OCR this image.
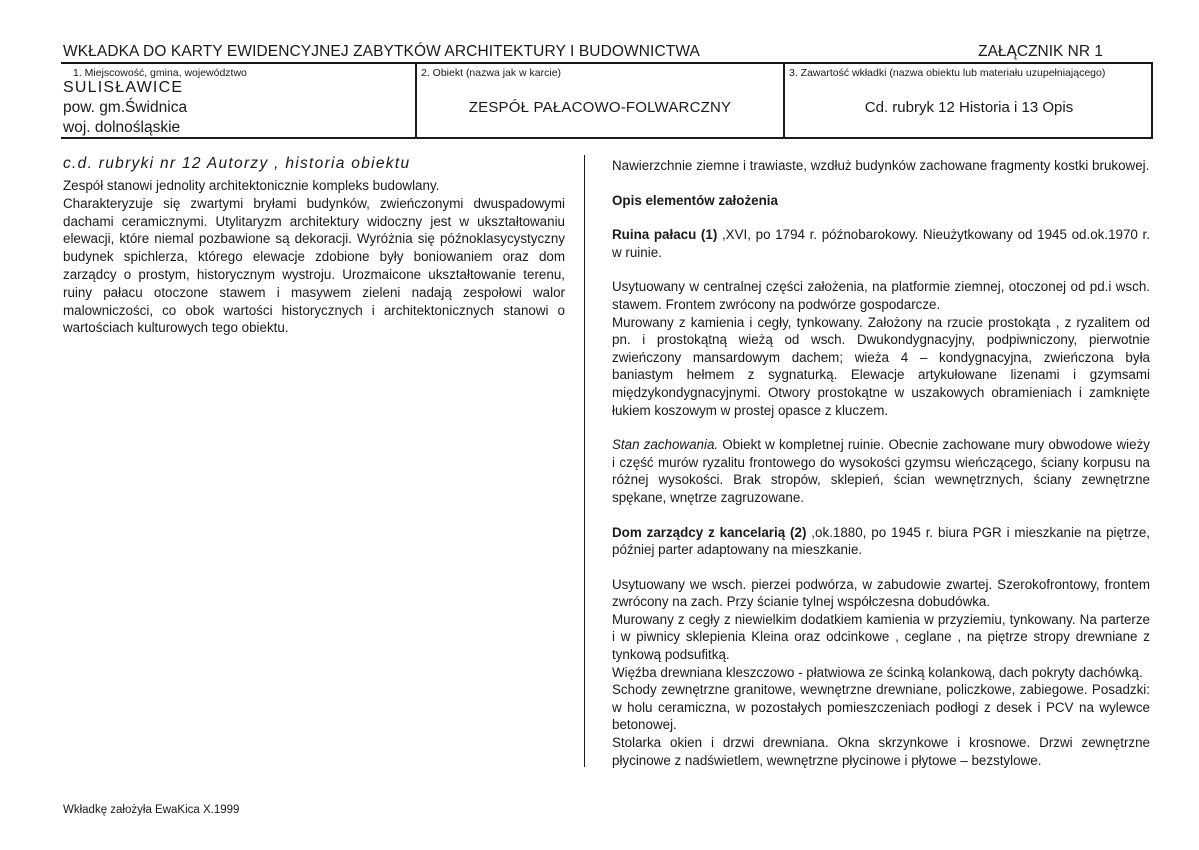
WKŁADKA DO KARTY EWIDENCYJNEJ ZABYTKÓW ARCHITEKTURY I BUDOWNICTWA	ZAŁĄCZNIK NR 1
1. Miejscowość, gmina, województwo
SULISŁAWICE
pow. gm.Świdnica
woj. dolnośląskie
2. Obiekt (nazwa jak w karcie)
ZESPÓŁ PAŁACOWO-FOLWARCZNY
3. Zawartość wkładki (nazwa obiektu lub materiału uzupełniającego)
Cd. rubryk 12 Historia i 13 Opis
c.d. rubryki nr 12 Autorzy , historia obiektu

Zespół stanowi jednolity architektonicznie kompleks budowlany.

Charakteryzuje się zwartymi bryłami budynków, zwieńczonymi dwuspadowymi dachami ceramicznymi. Utylitaryzm architektury widoczny jest w ukształtowaniu elewacji, które niemal pozbawione są dekoracji. Wyróżnia się późnoklasycystyczny budynek spichlerza, którego elewacje zdobione były boniowaniem oraz dom zarządcy o prostym, historycznym wystroju. Urozmaicone ukształtowanie terenu, ruiny pałacu otoczone stawem i masywem zieleni nadają zespołowi walor malowniczości, co obok wartości historycznych i architektonicznych stanowi o wartościach kulturowych tego obiektu.

Nawierzchnie ziemne i trawiaste, wzdłuż budynków zachowane fragmenty kostki brukowej.

Opis elementów założenia

Ruina pałacu (1) ,XVI, po 1794 r. późnobarokowy. Nieużytkowany od 1945 od.ok.1970 r. w ruinie.

Usytuowany w centralnej części założenia, na platformie ziemnej, otoczonej od pd.i wsch. stawem. Frontem zwrócony na podwórze gospodarcze.

Murowany z kamienia i cegły, tynkowany. Założony na rzucie prostokąta , z ryzalitem od pn. i prostokątną wieżą od wsch. Dwukondygnacyjny, podpiwniczony, pierwotnie zwieńczony mansardowym dachem; wieża 4 – kondygnacyjna, zwieńczona była baniastym hełmem z sygnaturką. Elewacje artykułowane lizenami i gzymsami międzykondygnacyjnymi. Otwory prostokątne w uszakowych obramieniach i zamknięte łukiem koszowym w prostej opasce z kluczem.

Stan zachowania. Obiekt w kompletnej ruinie. Obecnie zachowane mury obwodowe wieży i część murów ryzalitu frontowego do wysokości gzymsu wieńczącego, ściany korpusu na różnej wysokości. Brak stropów, sklepień, ścian wewnętrznych, ściany zewnętrzne spękane, wnętrze zagruzowane.

Dom zarządcy z kancelarią (2) ,ok.1880, po 1945 r. biura PGR i mieszkanie na piętrze, później parter adaptowany na mieszkanie.

Usytuowany we wsch. pierzei podwórza, w zabudowie zwartej. Szerokofrontowy, frontem zwrócony na zach. Przy ścianie tylnej współczesna dobudówka.

Murowany z cegły z niewielkim dodatkiem kamienia w przyziemiu, tynkowany. Na parterze i w piwnicy sklepienia Kleina oraz odcinkowe , ceglane , na piętrze stropy drewniane z tynkową podsufitką.

Więźba drewniana kleszczowo - płatwiowa ze ścinką kolankową, dach pokryty dachówką.

Schody zewnętrzne granitowe, wewnętrzne drewniane, policzkowe, zabiegowe. Posadzki: w holu ceramiczna, w pozostałych pomieszczeniach podłogi z desek i PCV na wylewce betonowej.

Stolarka okien i drzwi drewniana. Okna skrzynkowe i krosnowe. Drzwi zewnętrzne płycinowe z nadświetlem, wewnętrzne płycinowe i płytowe – bezstylowe.

Wkładkę założyła EwaKica X.1999
